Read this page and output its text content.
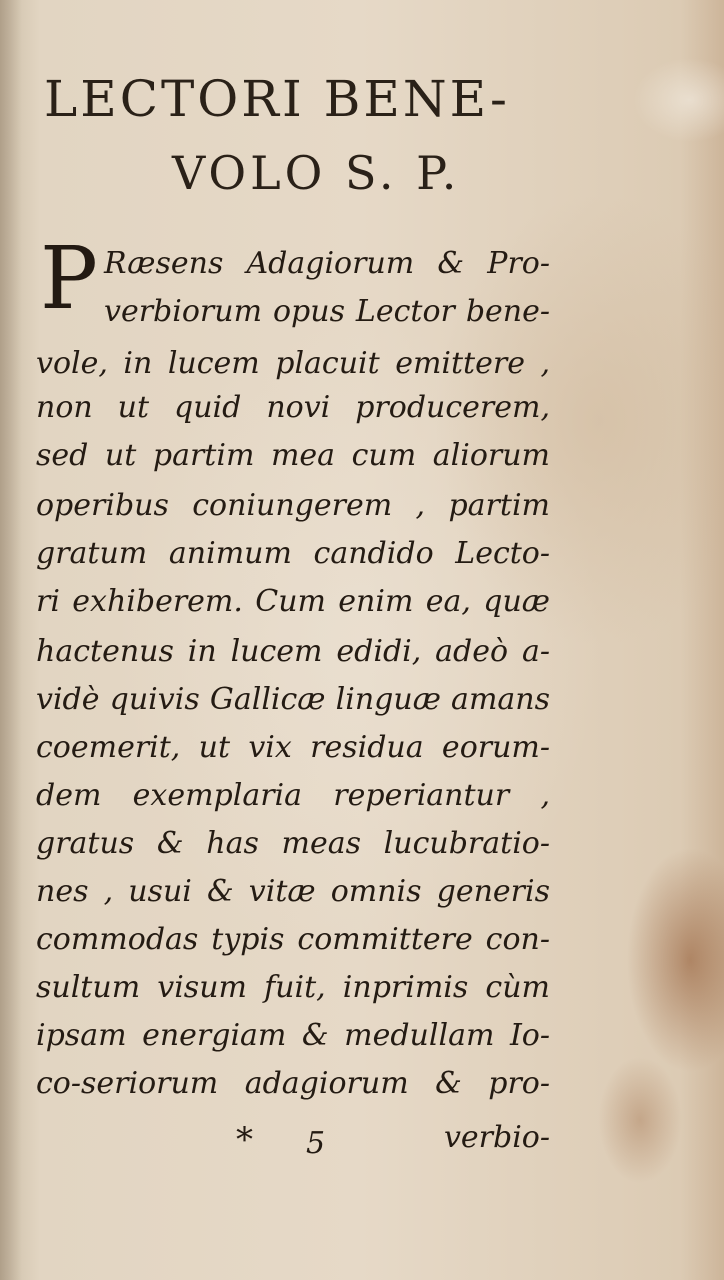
LECTORI BENE-
VOLO S. P.
P Ræsens Adagiorum & Pro-
verbiorum opus Lector bene-
vole, in lucem placuit emittere ,
non ut quid novi producerem,
sed ut partim mea cum aliorum
operibus coniungerem , partim
gratum animum candido Lecto-
ri exhiberem. Cum enim ea, quæ
hactenus in lucem edidi, adeò a-
vidè quivis Gallicæ linguæ amans
coemerit, ut vix residua eorum-
dem exemplaria reperiantur ,
gratus & has meas lucubratio-
nes , usui & vitæ omnis generis
commodas typis committere con-
sultum visum fuit, inprimis cùm
ipsam energiam & medullam Io-
co-seriorum adagiorum & pro-
* 5	verbio-
